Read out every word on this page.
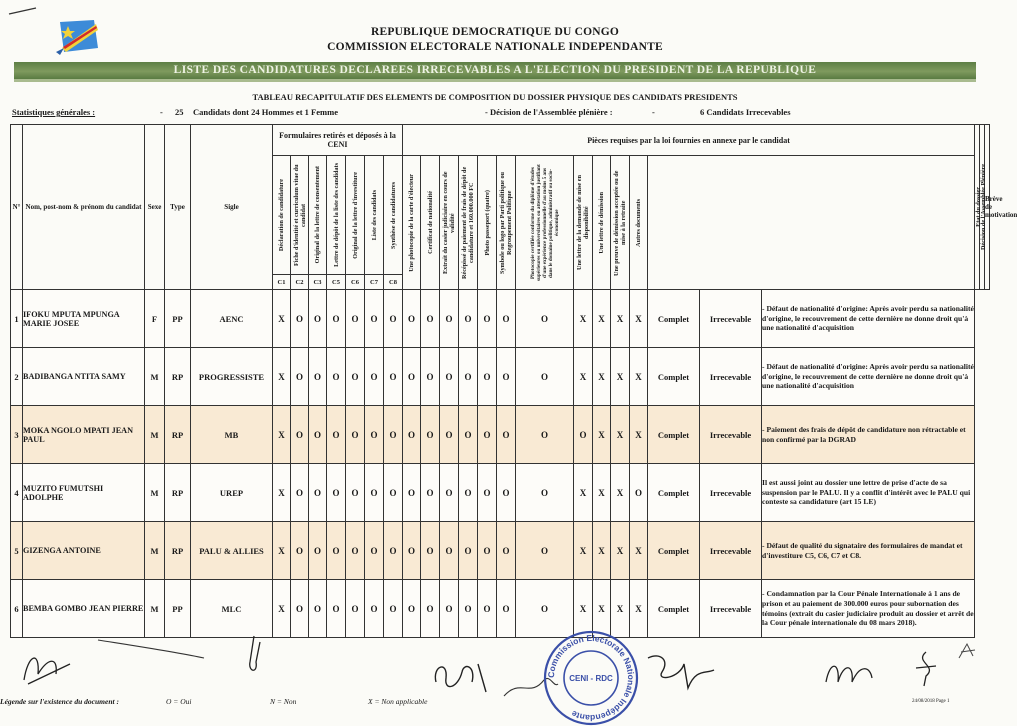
REPUBLIQUE DEMOCRATIQUE DU CONGO
COMMISSION ELECTORALE NATIONALE INDEPENDANTE
LISTE DES CANDIDATURES DECLAREES IRRECEVABLES A L'ELECTION DU PRESIDENT DE LA REPUBLIQUE
TABLEAU RECAPITULATIF DES ELEMENTS DE COMPOSITION DU DOSSIER PHYSIQUE DES CANDIDATS PRESIDENTS
Statistiques générales :	- 25 Candidats dont 24 Hommes et 1 Femme	- Décision de l'Assemblée plénière :	-	6 Candidats Irrecevables
N°	Nom, post-nom & prénom du candidat	Sexe	Type	Sigle	Formulaires retirés et déposés à la CENI							Pièces requises par la loi fournies en annexe par le candidat														Etat du dossier	Décision de l'Assemblée Plénière	Brève de motivation

					Déclaration de candidature	Fiche d'identité et curriculum vitae du candidat	Original de la lettre de consentement	Lettre de dépôt de la liste des candidats	Original de la lettre d'investiture	Liste des candidats	Synthèse de candidatures	Une photocopie de la carte d'électeur	Certificat de nationalité	Extrait du casier judiciaire en cours de validité	Récépissé de paiement de frais de dépôt de candidature et 160.000.000 FC	Photo passeport (quatre)	Symbole ou logo par Parti politique ou Regroupement Politique	Photocopie certifiée conforme du diplôme d'études supérieures ou universitaires ou attestation justifiant d'une expérience professionnelle d'au moins 5 ans dans le domaine politique, administratif ou socio-économique	Une lettre de la demande de mise en disponibilité	Une lettre de démission	Une preuve de démission acceptée ou de mise à la retraite	Autres documents						

					C1	C2	C3	C5	C6	C7	C8																	
1	IFOKU MPUTA MPUNGA MARIE JOSEE	F	PP	AENC	X	O	O	O	O	O	O	O	O	O	O	O	O	O	X	X	X	X	Complet	Irrecevable	- Défaut de nationalité d'origine: Après avoir perdu sa nationalité d'origine, le recouvrement de cette dernière ne donne droit qu'à une nationalité d'acquisition			
2	BADIBANGA NTITA SAMY	M	RP	PROGRESSISTE	X	O	O	O	O	O	O	O	O	O	O	O	O	O	X	X	X	X	Complet	Irrecevable	- Défaut de nationalité d'origine: Après avoir perdu sa nationalité d'origine, le recouvrement de cette dernière ne donne droit qu'à une nationalité d'acquisition			
3	MOKA NGOLO MPATI JEAN PAUL	M	RP	MB	X	O	O	O	O	O	O	O	O	O	O	O	O	O	O	X	X	X	Complet	Irrecevable	- Paiement des frais de dépôt de candidature non rétractable et non confirmé par la DGRAD			
4	MUZITO FUMUTSHI ADOLPHE	M	RP	UREP	X	O	O	O	O	O	O	O	O	O	O	O	O	O	X	X	X	O	Complet	Irrecevable	Il est aussi joint au dossier une lettre de prise d'acte de sa suspension par le PALU. Il y a conflit d'intérêt avec le PALU qui conteste sa candidature (art 15 LE)			
5	GIZENGA ANTOINE	M	RP	PALU & ALLIES	X	O	O	O	O	O	O	O	O	O	O	O	O	O	X	X	X	X	Complet	Irrecevable	- Défaut de qualité du signataire des formulaires de mandat et d'investiture C5, C6, C7 et C8.			
6	BEMBA GOMBO JEAN PIERRE	M	PP	MLC	X	O	O	O	O	O	O	O	O	O	O	O	O	O	X	X	X	X	Complet	Irrecevable	- Condamnation par la Cour Pénale Internationale à 1 ans de prison et au paiement de 300.000 euros pour subornation des témoins (extrait du casier judiciaire produit au dossier et arrêt de la Cour pénale internationale du 08 mars 2018).			
Commission Electorale Nationale Indépendante
CENI - RDC
Légende sur l'existence du document :	O = Oui	N = Non	X = Non applicable	24/08/2018 Page 1
